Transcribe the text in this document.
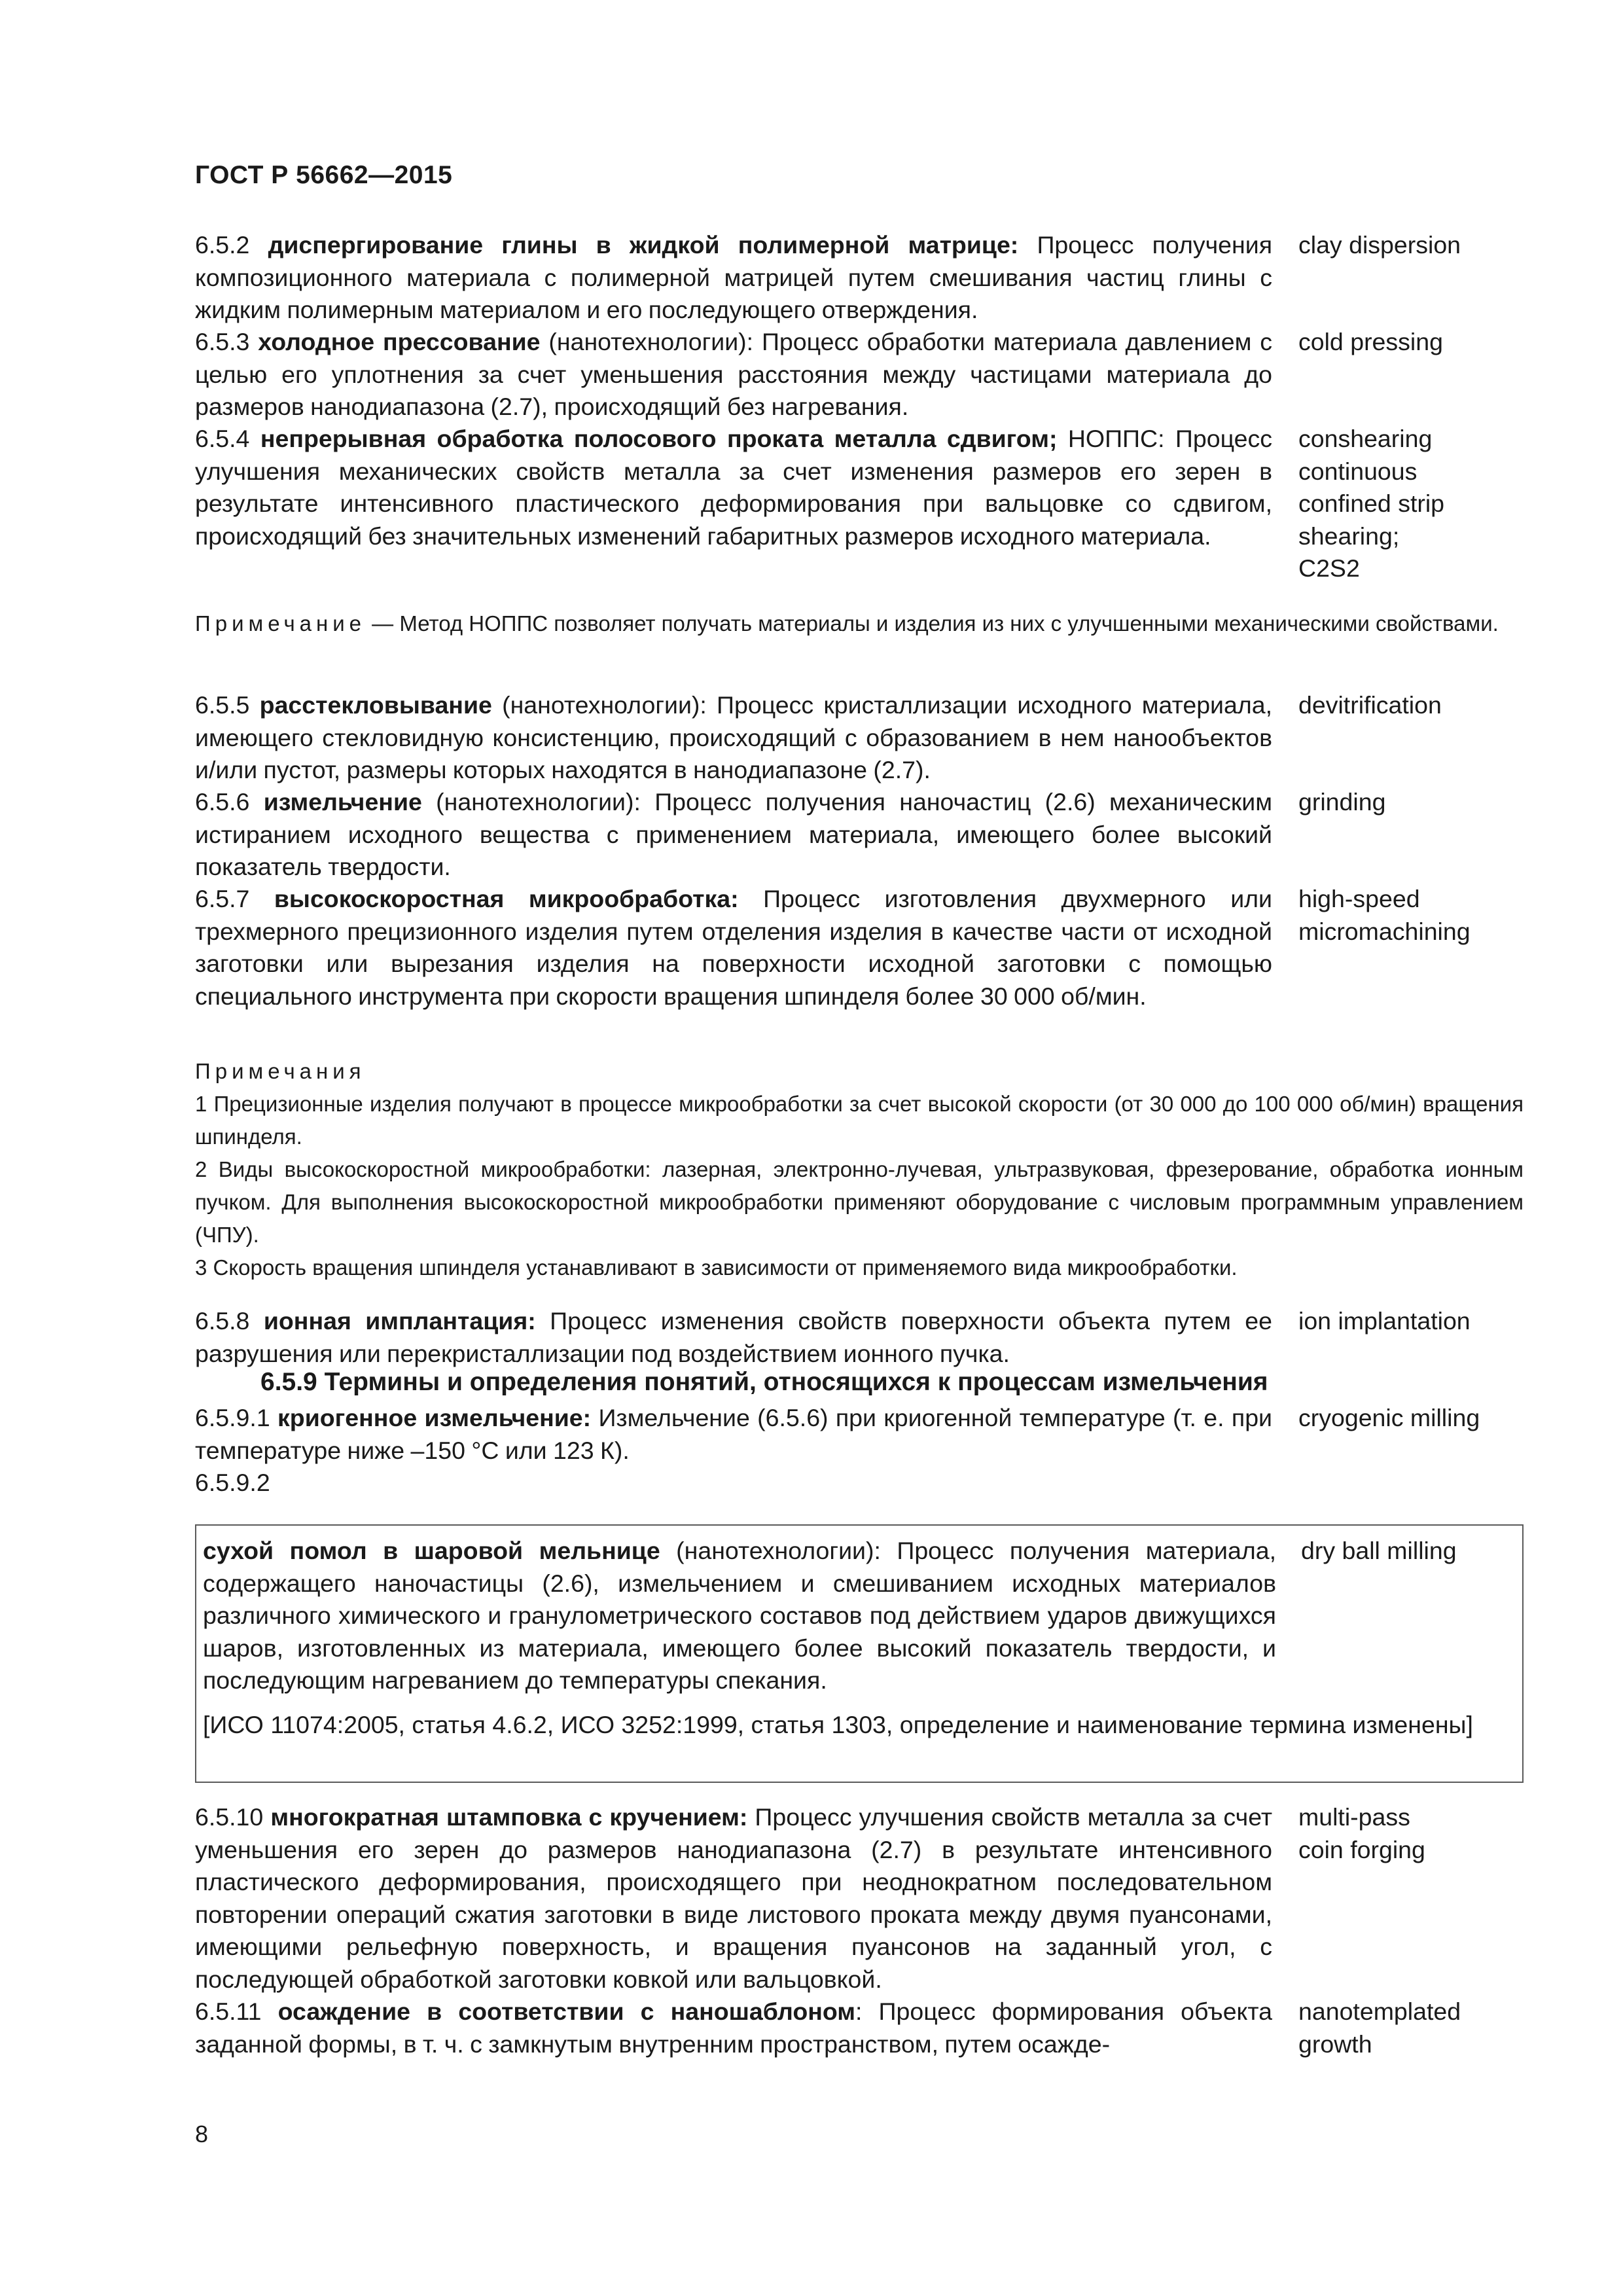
ГОСТ Р 56662—2015
6.5.2 диспергирование глины в жидкой полимерной матрице: Процесс получения композиционного материала с полимерной матрицей путем смешивания частиц глины с жидким полимерным материалом и его последующего отверждения.
clay dispersion
6.5.3 холодное прессование (нанотехнологии): Процесс обработки материала давлением с целью его уплотнения за счет уменьшения расстояния между частицами материала до размеров нанодиапазона (2.7), происходящий без нагревания.
cold pressing
6.5.4 непрерывная обработка полосового проката металла сдвигом; НОППС: Процесс улучшения механических свойств металла за счет изменения размеров его зерен в результате интенсивного пластического деформирования при вальцовке со сдвигом, происходящий без значительных изменений габаритных размеров исходного материала.
conshearing
continuous
confined strip
shearing;
C2S2
Примечание — Метод НОППС позволяет получать материалы и изделия из них с улучшенными механическими свойствами.
6.5.5 расстекловывание (нанотехнологии): Процесс кристаллизации исходного материала, имеющего стекловидную консистенцию, происходящий с образованием в нем нанообъектов и/или пустот, размеры которых находятся в нанодиапазоне (2.7).
devitrification
6.5.6 измельчение (нанотехнологии): Процесс получения наночастиц (2.6) механическим истиранием исходного вещества с применением материала, имеющего более высокий показатель твердости.
grinding
6.5.7 высокоскоростная микрообработка: Процесс изготовления двухмерного или трехмерного прецизионного изделия путем отделения изделия в качестве части от исходной заготовки или вырезания изделия на поверхности исходной заготовки с помощью специального инструмента при скорости вращения шпинделя более 30 000 об/мин.
high-speed
micromachining
Примечания
1 Прецизионные изделия получают в процессе микрообработки за счет высокой скорости (от 30 000 до 100 000 об/мин) вращения шпинделя.
2 Виды высокоскоростной микрообработки: лазерная, электронно-лучевая, ультразвуковая, фрезерование, обработка ионным пучком. Для выполнения высокоскоростной микрообработки применяют оборудование с числовым программным управлением (ЧПУ).
3 Скорость вращения шпинделя устанавливают в зависимости от применяемого вида микрообработки.
6.5.8 ионная имплантация: Процесс изменения свойств поверхности объекта путем ее разрушения или перекристаллизации под воздействием ионного пучка.
ion implantation
6.5.9 Термины и определения понятий, относящихся к процессам измельчения
6.5.9.1 криогенное измельчение: Измельчение (6.5.6) при криогенной температуре (т. е. при температуре ниже –150 °С или 123 К).
cryogenic milling
6.5.9.2
сухой помол в шаровой мельнице (нанотехнологии): Процесс получения материала, содержащего наночастицы (2.6), измельчением и смешиванием исходных материалов различного химического и гранулометрического составов под действием ударов движущихся шаров, изготовленных из материала, имеющего более высокий показатель твердости, и последующим нагреванием до температуры спекания.
dry ball milling
[ИСО 11074:2005, статья 4.6.2, ИСО 3252:1999, статья 1303, определение и наименование термина изменены]
6.5.10 многократная штамповка с кручением: Процесс улучшения свойств металла за счет уменьшения его зерен до размеров нанодиапазона (2.7) в результате интенсивного пластического деформирования, происходящего при неоднократном последовательном повторении операций сжатия заготовки в виде листового проката между двумя пуансонами, имеющими рельефную поверхность, и вращения пуансонов на заданный угол, с последующей обработкой заготовки ковкой или вальцовкой.
multi-pass
coin forging
6.5.11 осаждение в соответствии с наношаблоном: Процесс формирования объекта заданной формы, в т. ч. с замкнутым внутренним пространством, путем осажде-
nanotemplated
growth
8
